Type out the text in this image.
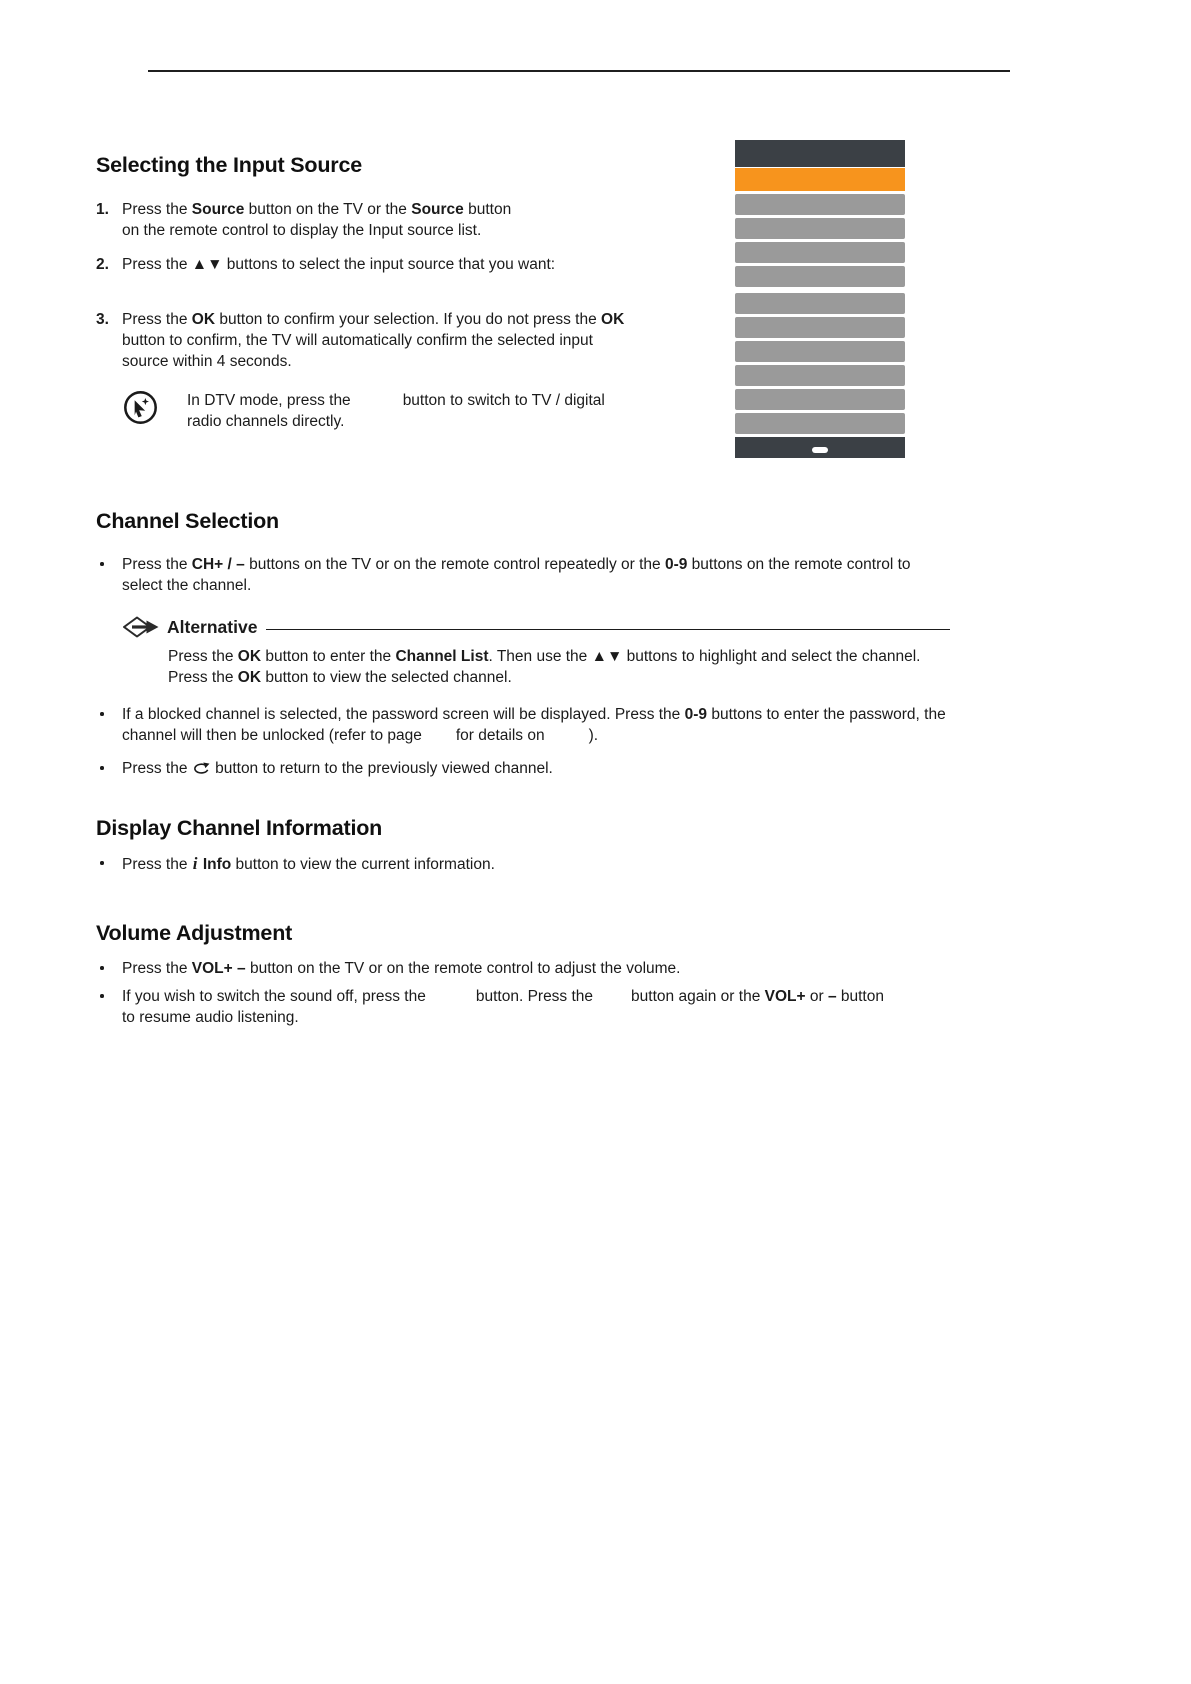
Selecting the Input Source
1. Press the Source button on the TV or the Source button
on the remote control to display the Input source list.
2. Press the ▲▼ buttons to select the input source that you want:
3. Press the OK button to confirm your selection. If you do not press the OK
button to confirm, the TV will automatically confirm the selected input
source within 4 seconds.
In DTV mode, press the	button to switch to TV / digital
radio channels directly.
Channel Selection
Press the CH+ / – buttons on the TV or on the remote control repeatedly or the 0-9 buttons on the remote control to
select the channel.
Alternative
Press the OK button to enter the Channel List. Then use the ▲▼ buttons to highlight and select the channel.
Press the OK button to view the selected channel.
If a blocked channel is selected, the password screen will be displayed. Press the 0-9 buttons to enter the password, the
channel will then be unlocked (refer to page for details on	).
Press the  button to return to the previously viewed channel.
Display Channel Information
Press the i Info button to view the current information.
Volume Adjustment
Press the VOL+ – button on the TV or on the remote control to adjust the volume.
If you wish to switch the sound off, press the	button. Press the button again or the VOL+ or – button
to resume audio listening.
